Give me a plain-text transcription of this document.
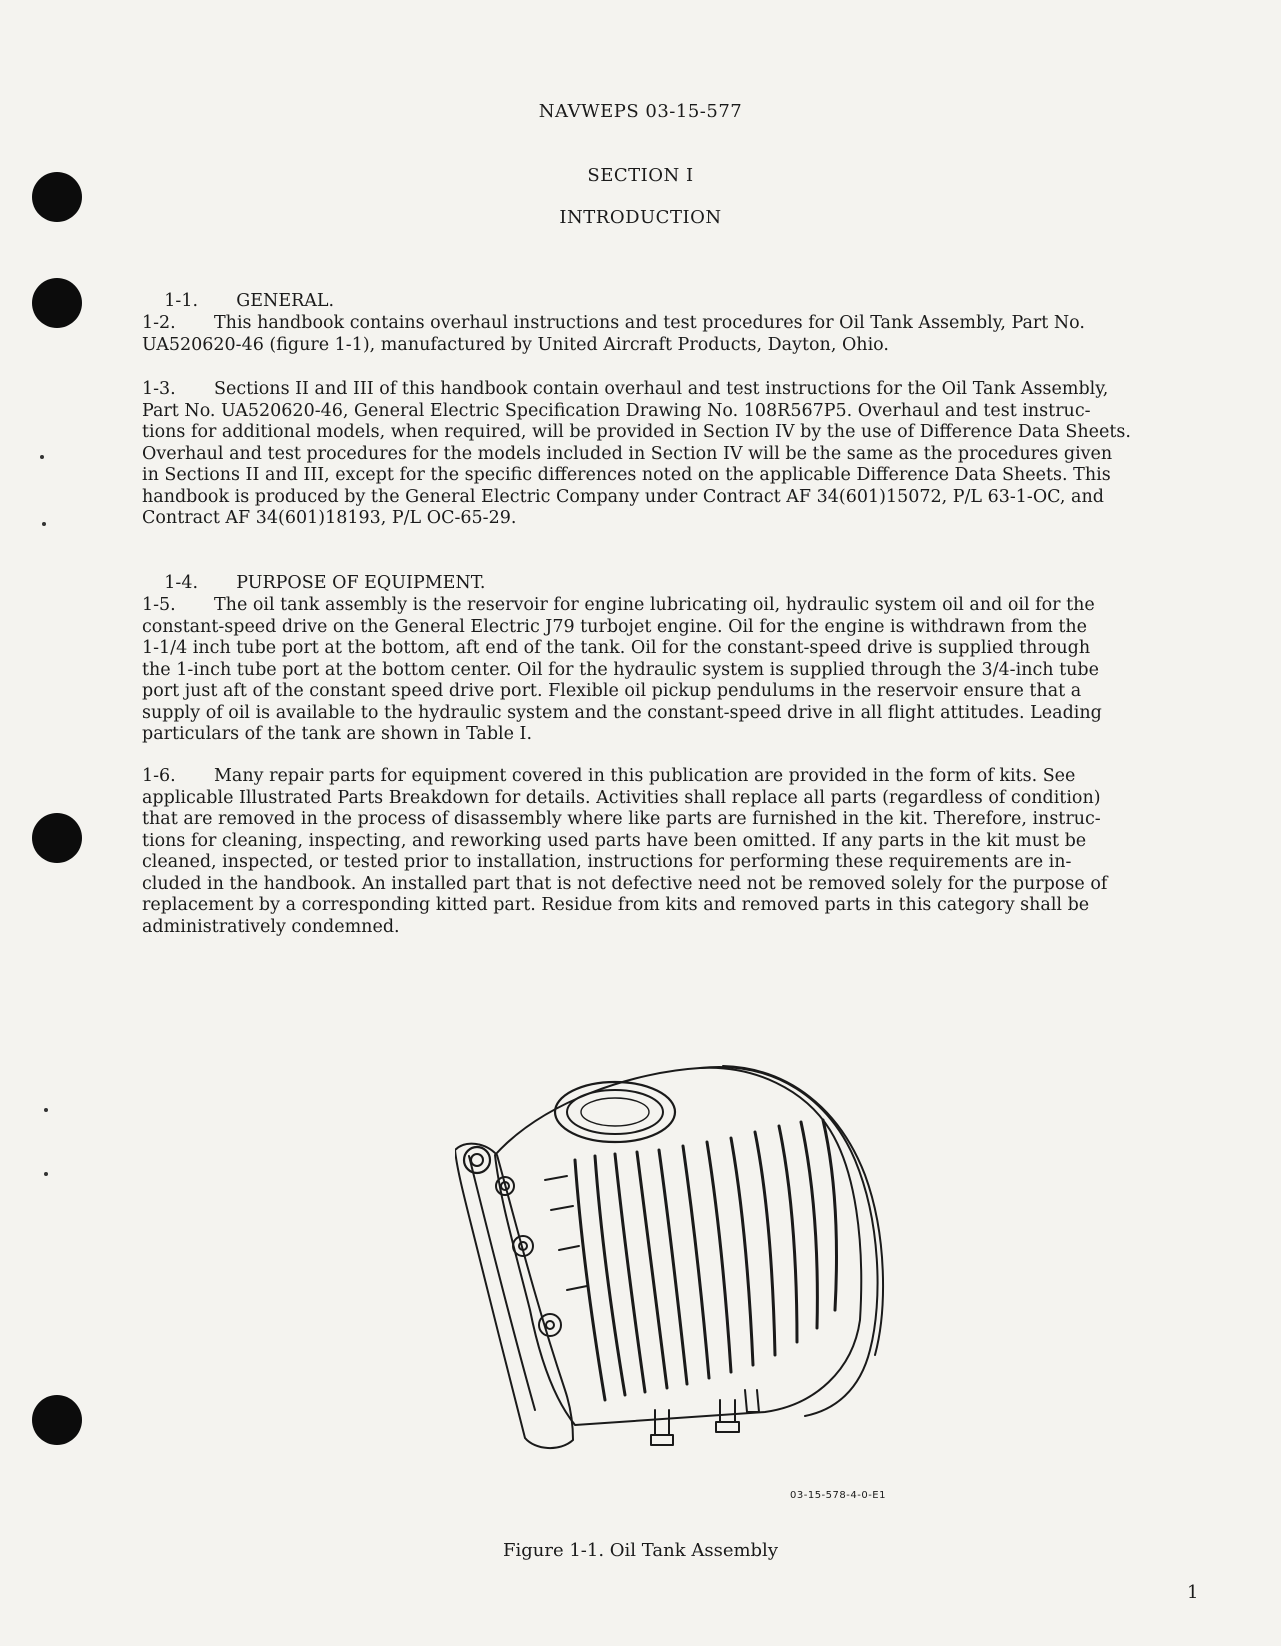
NAVWEPS 03-15-577
SECTION I
INTRODUCTION

1-1. GENERAL.

1-2. This handbook contains overhaul instructions and test procedures for Oil Tank Assembly, Part No.
UA520620-46 (figure 1-1), manufactured by United Aircraft Products, Dayton, Ohio.
1-3. Sections II and III of this handbook contain overhaul and test instructions for the Oil Tank Assembly,
Part No. UA520620-46, General Electric Specification Drawing No. 108R567P5. Overhaul and test instruc-
tions for additional models, when required, will be provided in Section IV by the use of Difference Data Sheets.
Overhaul and test procedures for the models included in Section IV will be the same as the procedures given
in Sections II and III, except for the specific differences noted on the applicable Difference Data Sheets. This
handbook is produced by the General Electric Company under Contract AF 34(601)15072, P/L 63-1-OC, and
Contract AF 34(601)18193, P/L OC-65-29.

1-4. PURPOSE OF EQUIPMENT.

1-5. The oil tank assembly is the reservoir for engine lubricating oil, hydraulic system oil and oil for the
constant-speed drive on the General Electric J79 turbojet engine. Oil for the engine is withdrawn from the
1-1/4 inch tube port at the bottom, aft end of the tank. Oil for the constant-speed drive is supplied through
the 1-inch tube port at the bottom center. Oil for the hydraulic system is supplied through the 3/4-inch tube
port just aft of the constant speed drive port. Flexible oil pickup pendulums in the reservoir ensure that a
supply of oil is available to the hydraulic system and the constant-speed drive in all flight attitudes. Leading
particulars of the tank are shown in Table I.
1-6. Many repair parts for equipment covered in this publication are provided in the form of kits. See
applicable Illustrated Parts Breakdown for details. Activities shall replace all parts (regardless of condition)
that are removed in the process of disassembly where like parts are furnished in the kit. Therefore, instruc-
tions for cleaning, inspecting, and reworking used parts have been omitted. If any parts in the kit must be
cleaned, inspected, or tested prior to installation, instructions for performing these requirements are in-
cluded in the handbook. An installed part that is not defective need not be removed solely for the purpose of
replacement by a corresponding kitted part. Residue from kits and removed parts in this category shall be
administratively condemned.
03-15-578-4-0-E1
Figure 1-1. Oil Tank Assembly
1
